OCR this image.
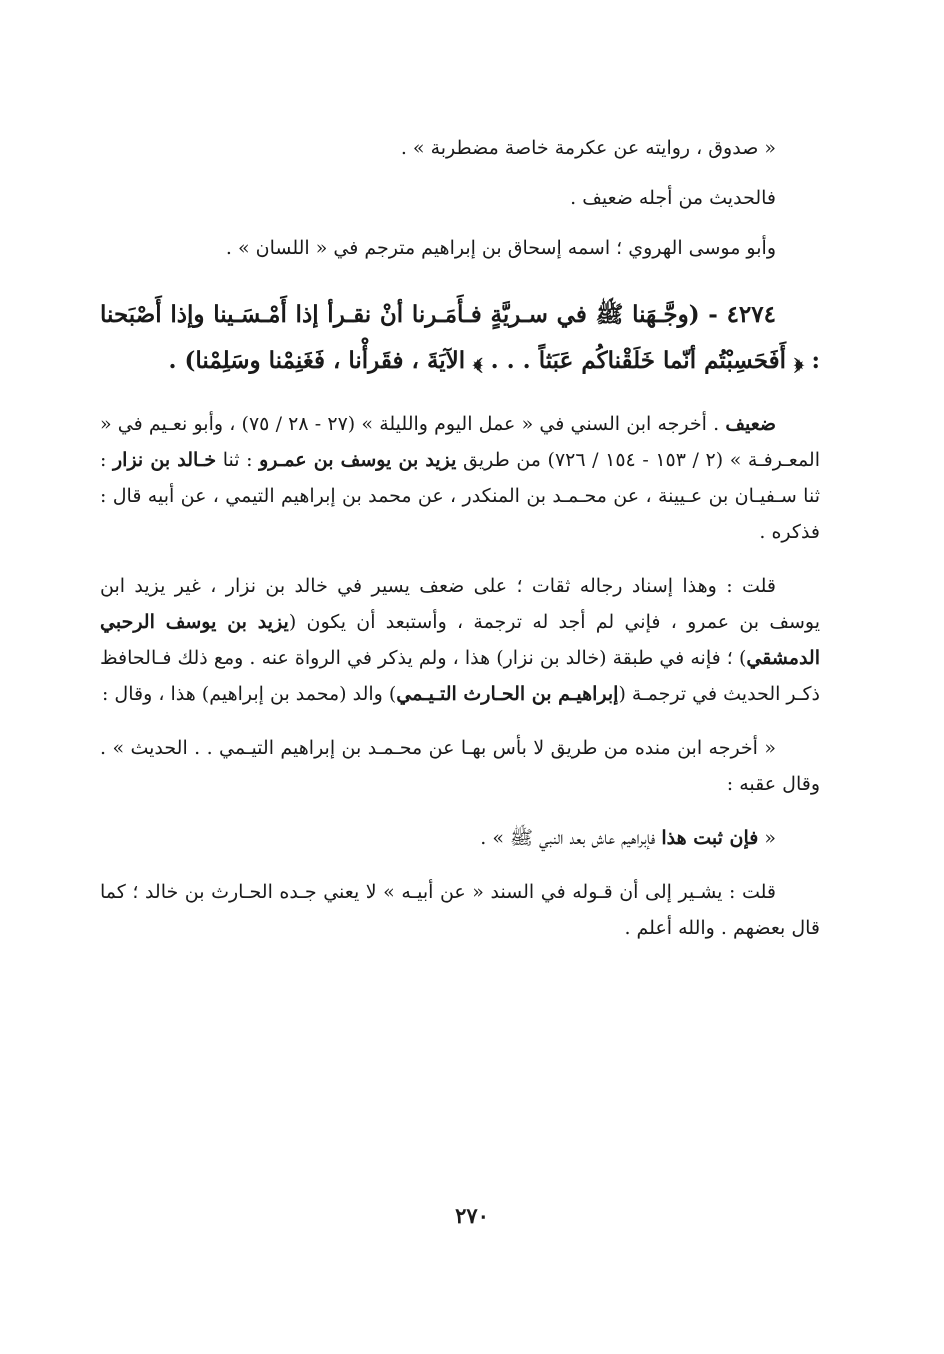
« صدوق ، روايته عن عكرمة خاصة مضطربة » .

فالحديث من أجله ضعيف .

وأبو موسى الهروي ؛ اسمه إسحاق بن إبراهيم مترجم في « اللسان » .

٤٢٧٤ - (وجَّـهَنا ﷺ في سـريَّةٍ فـأَمَـرنا أنْ نقـرأ إذا أَمْـسَـينا وإذا أَصْبَحنا : ﴿ أَفَحَسِبْتُم أنّما خَلَقْناكُم عَبَثاً . . . ﴾ الآيَةَ ، فقَرأْنا ، فَغَنِمْنا وسَلِمْنا) .

ضعيف . أخرجه ابن السني في « عمل اليوم والليلة » (٢٧ - ٢٨ / ٧٥) ، وأبو نعـيم في « المعـرفـة » (٢ / ١٥٣ - ١٥٤ / ٧٢٦) من طريق يزيد بن يوسف بن عمـرو : ثنا خـالد بن نزار : ثنا سـفيـان بن عـيينة ، عن محـمـد بن المنكدر ، عن محمد بن إبراهيم التيمي ، عن أبيه قال : فذكره .

قلت : وهذا إسناد رجاله ثقات ؛ على ضعف يسير في خالد بن نزار ، غير يزيد ابن يوسف بن عمرو ، فإني لم أجد له ترجمة ، وأستبعد أن يكون (يزيد بن يوسف الرحبي الدمشقي) ؛ فإنه في طبقة (خالد بن نزار) هذا ، ولم يذكر في الرواة عنه . ومع ذلك فـالحافظ ذكـر الحديث في ترجمـة (إبراهيـم بن الحـارث التـيـمي) والد (محمد بن إبراهيم) هذا ، وقال :

« أخرجه ابن منده من طريق لا بأس بهـا عن محـمـد بن إبراهيم التيـمي . . الحديث » . وقال عقبه :

« فإن ثبت هذا فإبراهيم عاش بعد النبي ﷺ » .

قلت : يشـير إلى أن قـوله في السند « عن أبيـه » لا يعني جـده الحـارث بن خالد ؛ كما قال بعضهم . والله أعلم .

٢٧٠
